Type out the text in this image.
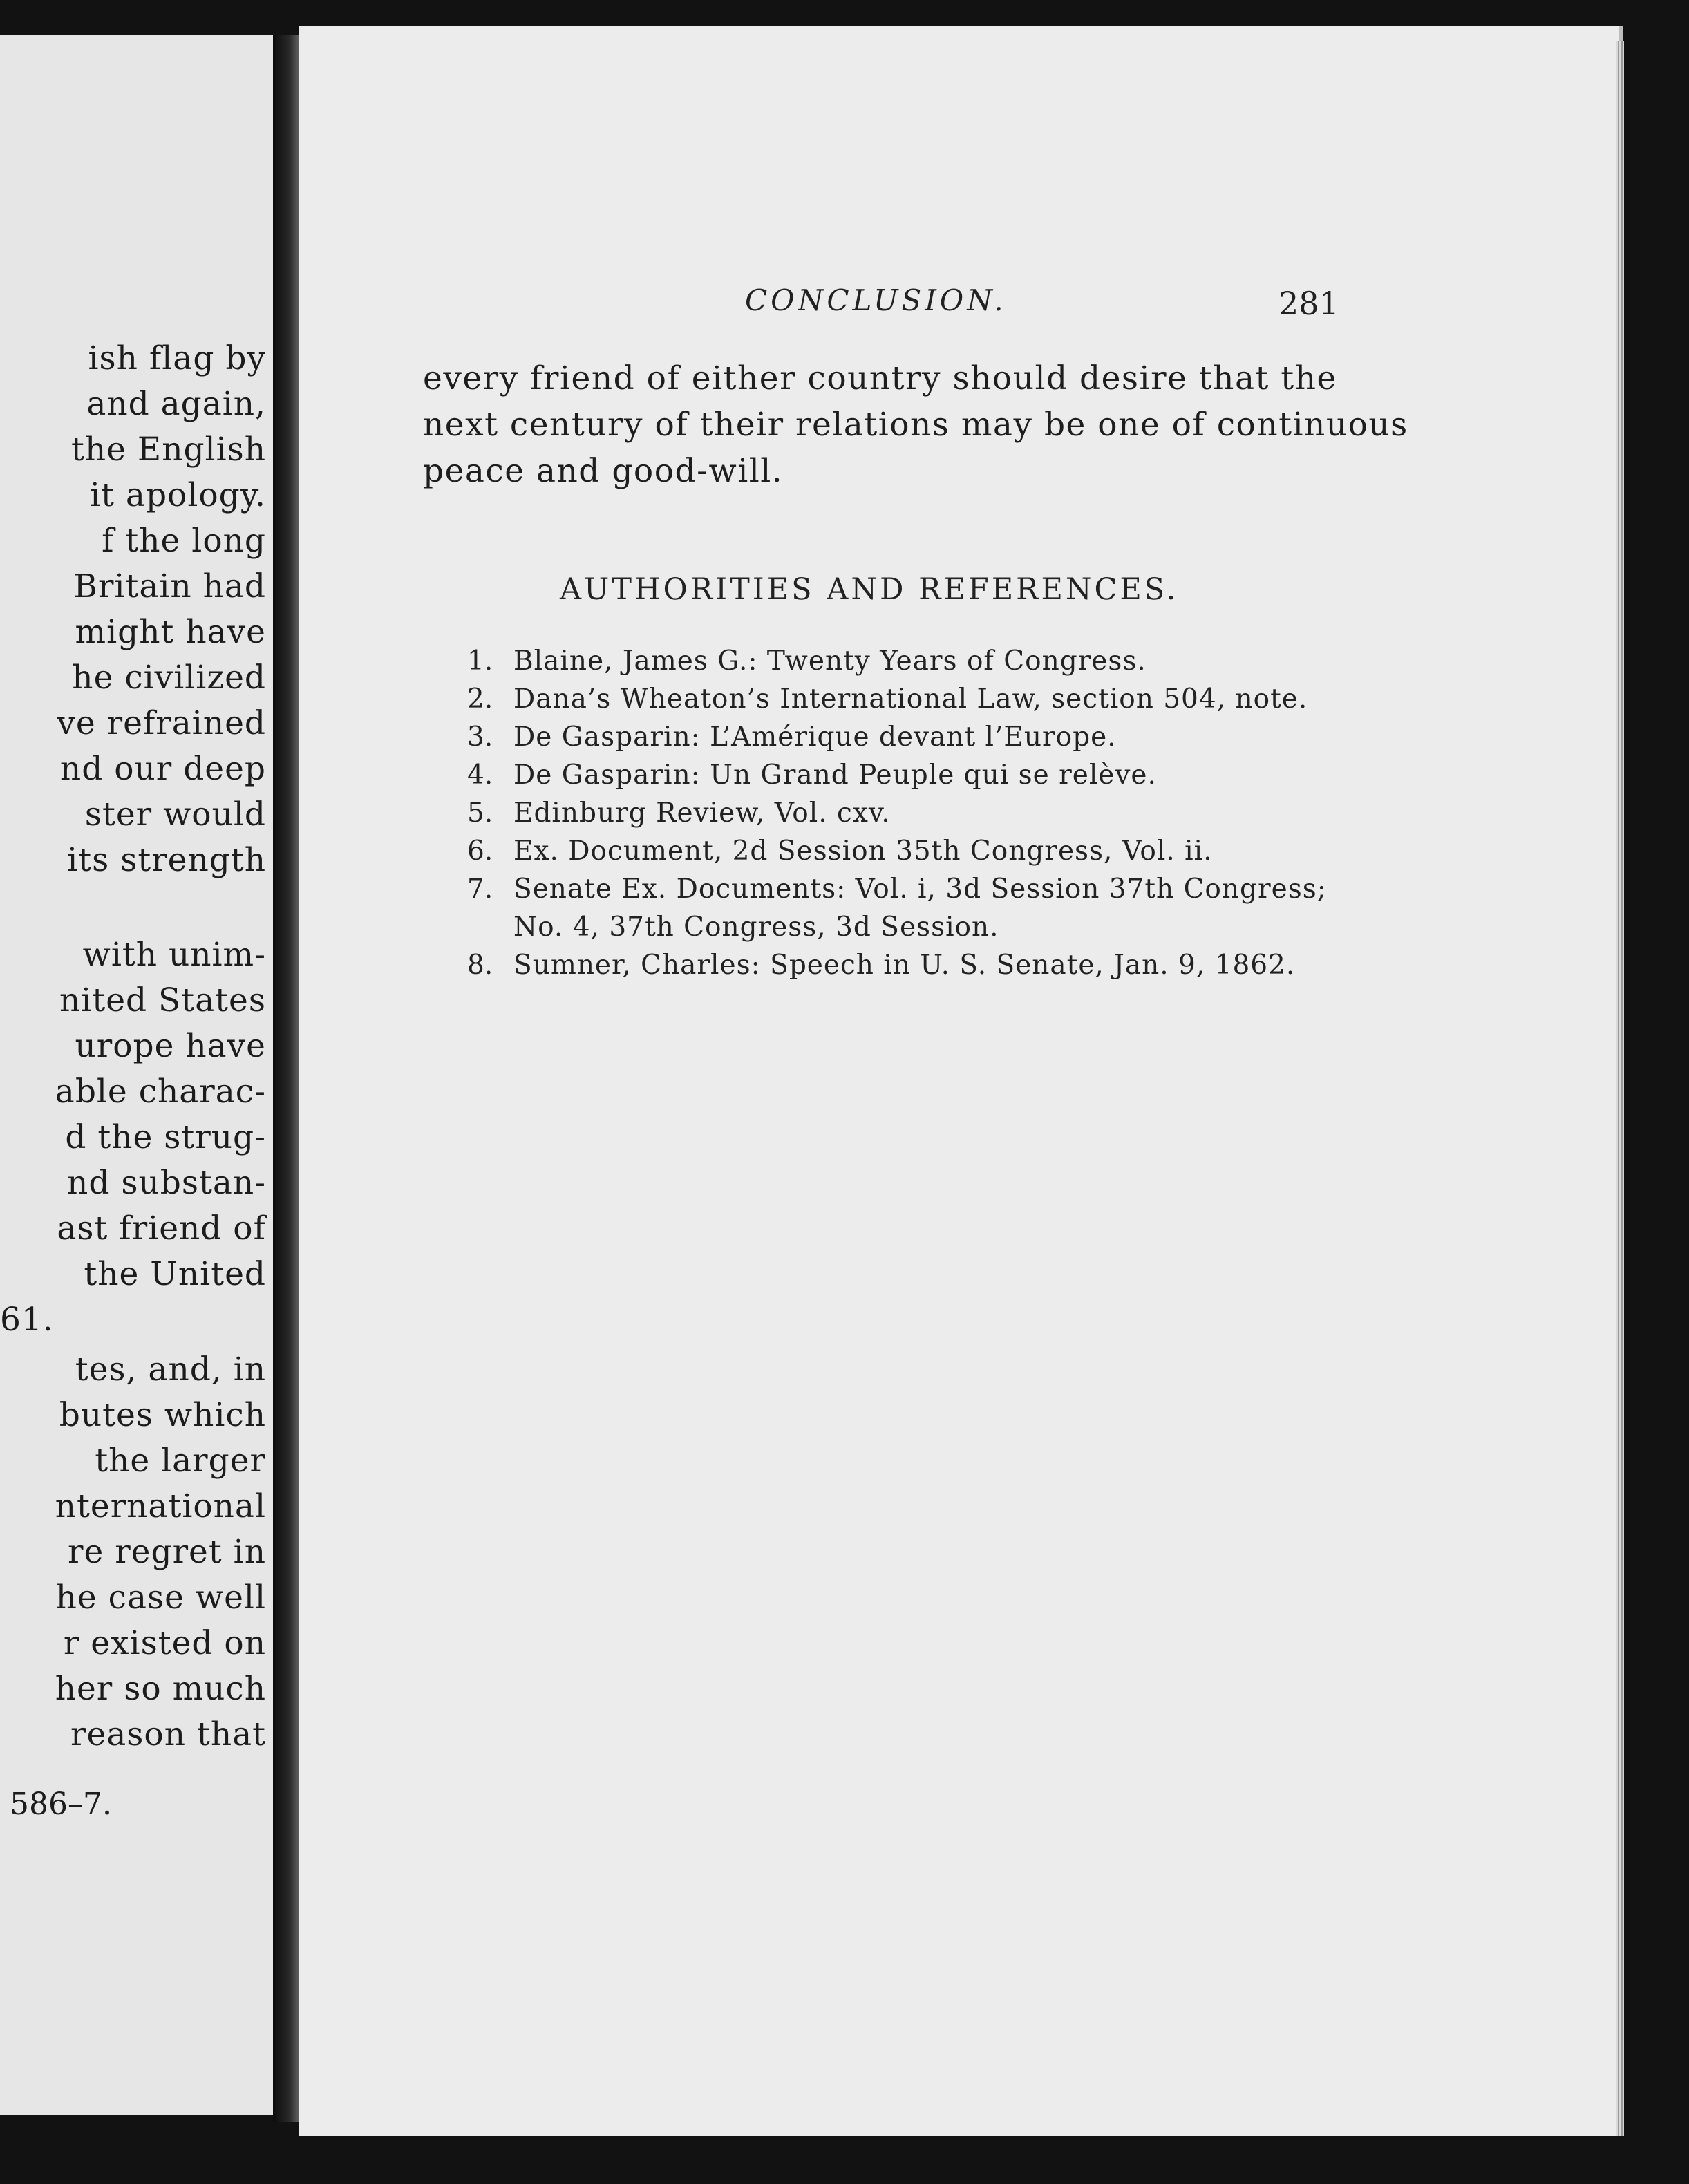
ish flag by
and again,
the English
it apology.
f the long
Britain had
might have
he civilized
ve refrained
nd our deep
ster would
its strength
with unim-
nited States
urope have
able charac-
d the strug-
nd substan-
ast friend of
the United
61.
tes, and, in
butes which
the larger
nternational
re regret in
he case well
r existed on
her so much
reason that
586–7.
CONCLUSION.	281
every friend of either country should desire that the
next century of their relations may be one of continuous
peace and good-will.
AUTHORITIES AND REFERENCES.
1. Blaine, James G.: Twenty Years of Congress.
2. Dana’s Wheaton’s International Law, section 504, note.
3. De Gasparin: L’Amérique devant l’Europe.
4. De Gasparin: Un Grand Peuple qui se relève.
5. Edinburg Review, Vol. cxv.
6. Ex. Document, 2d Session 35th Congress, Vol. ii.
7. Senate Ex. Documents: Vol. i, 3d Session 37th Congress;
No. 4, 37th Congress, 3d Session.
8. Sumner, Charles: Speech in U. S. Senate, Jan. 9, 1862.
